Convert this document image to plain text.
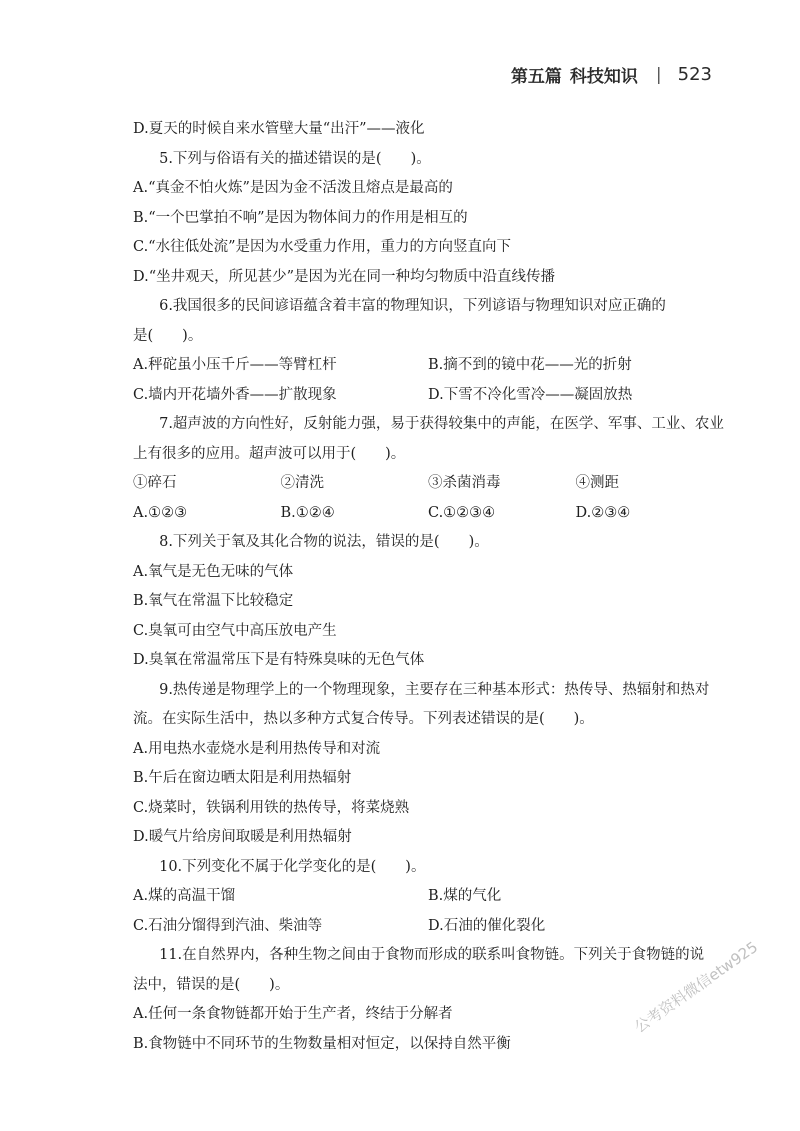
第五篇 科技知识 | 523
D.夏天的时候自来水管壁大量“出汗”——液化
5.下列与俗语有关的描述错误的是(　　)。
A.“真金不怕火炼”是因为金不活泼且熔点是最高的
B.“一个巴掌拍不响”是因为物体间力的作用是相互的
C.“水往低处流”是因为水受重力作用，重力的方向竖直向下
D.“坐井观天，所见甚少”是因为光在同一种均匀物质中沿直线传播
6.我国很多的民间谚语蕴含着丰富的物理知识，下列谚语与物理知识对应正确的
是(　　)。
A.秤砣虽小压千斤——等臂杠杆	B.摘不到的镜中花——光的折射
C.墙内开花墙外香——扩散现象	D.下雪不冷化雪冷——凝固放热
7.超声波的方向性好，反射能力强，易于获得较集中的声能，在医学、军事、工业、农业
上有很多的应用。超声波可以用于(　　)。
①碎石	②清洗	③杀菌消毒	④测距
A.①②③	B.①②④	C.①②③④	D.②③④
8.下列关于氧及其化合物的说法，错误的是(　　)。
A.氧气是无色无味的气体
B.氧气在常温下比较稳定
C.臭氧可由空气中高压放电产生
D.臭氧在常温常压下是有特殊臭味的无色气体
9.热传递是物理学上的一个物理现象，主要存在三种基本形式：热传导、热辐射和热对
流。在实际生活中，热以多种方式复合传导。下列表述错误的是(　　)。
A.用电热水壶烧水是利用热传导和对流
B.午后在窗边晒太阳是利用热辐射
C.烧菜时，铁锅利用铁的热传导，将菜烧熟
D.暖气片给房间取暖是利用热辐射
10.下列变化不属于化学变化的是(　　)。
A.煤的高温干馏	B.煤的气化
C.石油分馏得到汽油、柴油等	D.石油的催化裂化
11.在自然界内，各种生物之间由于食物而形成的联系叫食物链。下列关于食物链的说
法中，错误的是(　　)。
A.任何一条食物链都开始于生产者，终结于分解者
B.食物链中不同环节的生物数量相对恒定，以保持自然平衡
公考资料微信etw925
